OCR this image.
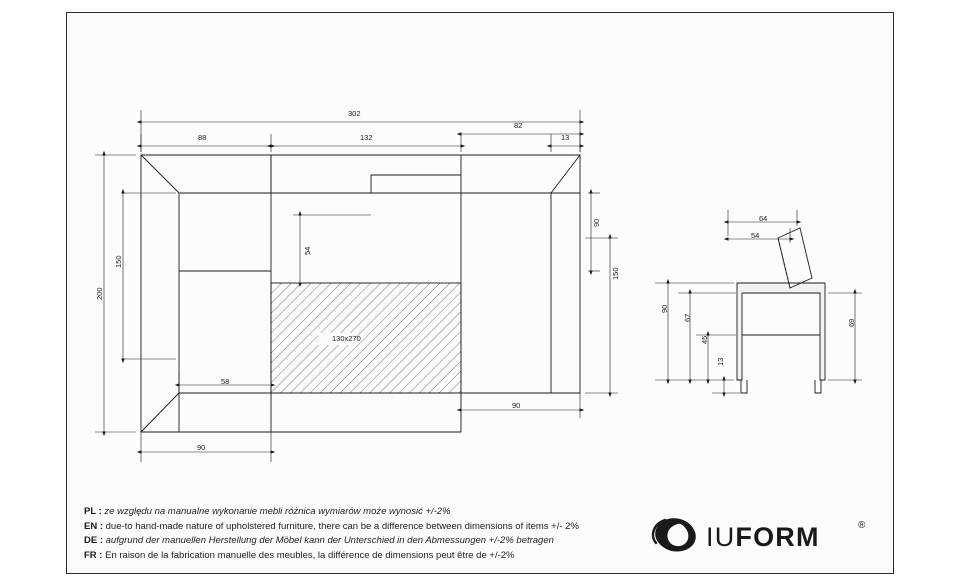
302
88	132
82
13
130x270
58
90
90
200
150
54
90
150
64
54
90
67
45
13
69
PL : ze względu na manualne wykonanie mebli różnica wymiarów może wynosić +/-2%
EN : due-to hand-made nature of upholstered furniture, there can be a difference between dimensions of items +/- 2%
DE : aufgrund der manuellen Herstellung der Möbel kann der Unterschied in den Abmessungen +/-2% betragen
FR : En raison de la fabrication manuelle des meubles, la différence de dimensions peut être de +/-2%
IUFORM	®
